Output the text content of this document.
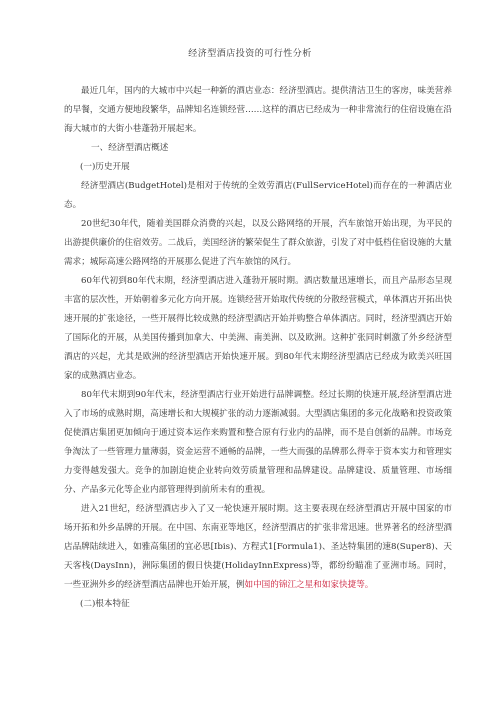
经济型酒店投资的可行性分析

最近几年，国内的大城市中兴起一种新的酒店业态：经济型酒店。提供清洁卫生的客房，味美营养的早餐，交通方便地段繁华，品牌知名连锁经营……这样的酒店已经成为一种非常流行的住宿设施在沿海大城市的大街小巷蓬勃开展起来。

一、经济型酒店概述

(一)历史开展

经济型酒店(BudgetHotel)是相对于传统的全效劳酒店(FullServiceHotel)而存在的一种酒店业态。

20世纪30年代，随着美国群众消费的兴起，以及公路网络的开展，汽车旅馆开始出现，为平民的出游提供廉价的住宿效劳。二战后，美国经济的繁荣促生了群众旅游，引发了对中低档住宿设施的大量需求；城际高速公路网络的开展那么促进了汽车旅馆的风行。

60年代初到80年代末期，经济型酒店进入蓬勃开展时期。酒店数量迅速增长，而且产品形态呈现丰富的层次性，开始朝着多元化方向开展。连锁经营开始取代传统的分散经营模式，单体酒店开拓出快速开展的扩张途径，一些开展得比较成熟的经济型酒店开始并购整合单体酒店。同时，经济型酒店开始了国际化的开展，从美国传播到加拿大、中美洲、南美洲、以及欧洲。这种扩张同时刺激了外乡经济型酒店的兴起，尤其是欧洲的经济型酒店开始快速开展。到80年代末期经济型酒店已经成为欧美兴旺国家的成熟酒店业态。

80年代末期到90年代末，经济型酒店行业开始进行品牌调整。经过长期的快速开展,经济型酒店进入了市场的成熟时期，高速增长和大规模扩张的动力逐渐减弱。大型酒店集团的多元化战略和投资政策促使酒店集团更加倾向于通过资本运作来购置和整合原有行业内的品牌，而不是自创新的品牌。市场竞争淘汰了一些管理力量薄弱，资金运营不通畅的品牌，一些大而强的品牌那么得幸于资本实力和管理实力变得越发强大。竞争的加剧迫使企业转向效劳质量管理和品牌建设。品牌建设、质量管理、市场细分、产品多元化等企业内部管理得到前所未有的重视。

进入21世纪，经济型酒店步入了又一轮快速开展时期。这主要表现在经济型酒店开展中国家的市场开拓和外乡品牌的开展。在中国、东南亚等地区，经济型酒店的扩张非常迅速。世界著名的经济型酒店品牌陆续进入，如雅高集团的宜必思[Ibis)、方程式1[Formula1)、圣达特集团的速8(Super8)、天天客栈(DaysInn)，洲际集团的假日快捷(HolidayInnExpress)等，都纷纷瞄准了亚洲市场。同时，一些亚洲外乡的经济型酒店品牌也开始开展，例如中国的锦江之星和如家快捷等。

(二)根本特征
